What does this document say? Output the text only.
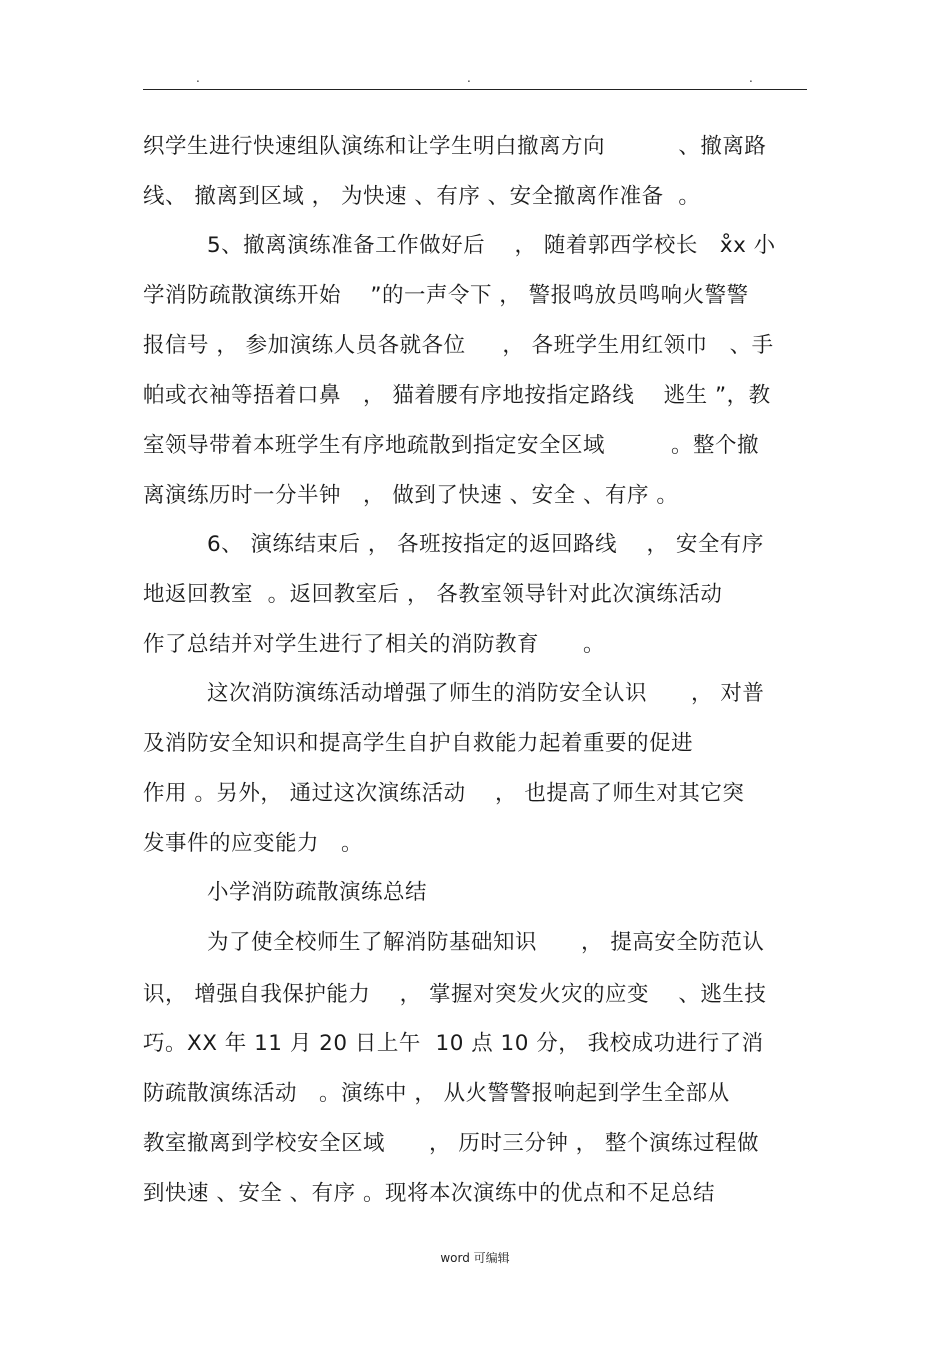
.	.	.
织学生进行快速组队演练和让学生明白撤离方向          、撤离路
线、 撤离到区域 ， 为快速 、有序 、安全撤离作准备  。
5、撤离演练准备工作做好后    ， 随着郭西学校长   x̊x 小
学消防疏散演练开始    ”的一声令下 ， 警报鸣放员鸣响火警警
报信号 ， 参加演练人员各就各位     ， 各班学生用红领巾   、手
帕或衣袖等捂着口鼻   ， 猫着腰有序地按指定路线    逃生 ”，教
室领导带着本班学生有序地疏散到指定安全区域         。整个撤
离演练历时一分半钟   ， 做到了快速 、安全 、有序 。
6、 演练结束后 ， 各班按指定的返回路线    ， 安全有序
地返回教室  。返回教室后 ， 各教室领导针对此次演练活动
作了总结并对学生进行了相关的消防教育      。
这次消防演练活动增强了师生的消防安全认识      ， 对普
及消防安全知识和提高学生自护自救能力起着重要的促进
作用 。另外， 通过这次演练活动    ， 也提高了师生对其它突
发事件的应变能力   。
小学消防疏散演练总结
为了使全校师生了解消防基础知识      ， 提高安全防范认
识， 增强自我保护能力    ， 掌握对突发火灾的应变    、逃生技
巧。XX 年 11 月 20 日上午  10 点 10 分， 我校成功进行了消
防疏散演练活动   。演练中 ， 从火警警报响起到学生全部从
教室撤离到学校安全区域      ， 历时三分钟 ， 整个演练过程做
到快速 、安全 、有序 。现将本次演练中的优点和不足总结
word 可编辑
